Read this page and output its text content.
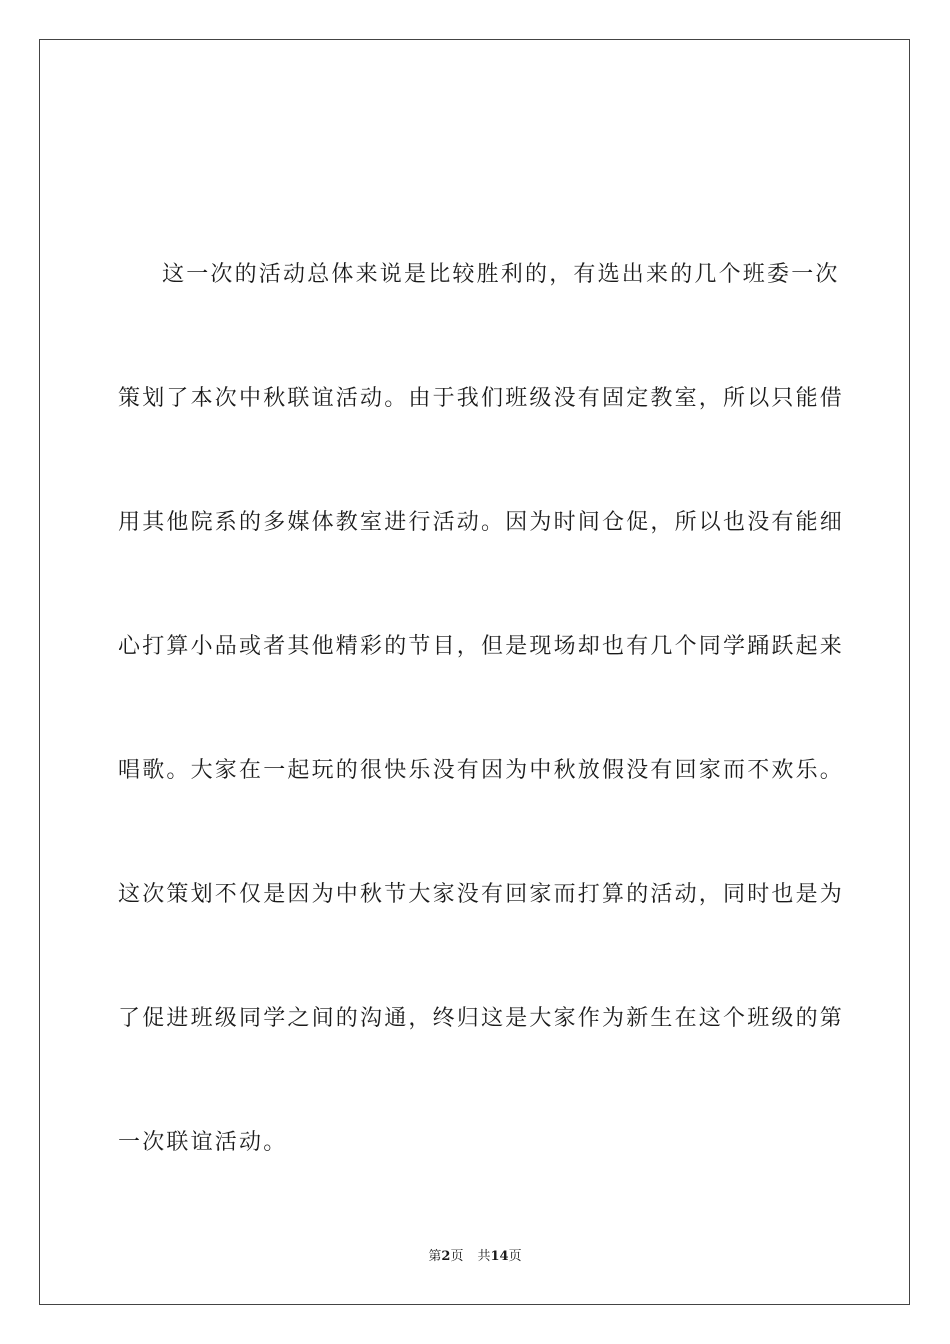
这一次的活动总体来说是比较胜利的，有选出来的几个班委一次
策划了本次中秋联谊活动。由于我们班级没有固定教室，所以只能借
用其他院系的多媒体教室进行活动。因为时间仓促，所以也没有能细
心打算小品或者其他精彩的节目，但是现场却也有几个同学踊跃起来
唱歌。大家在一起玩的很快乐没有因为中秋放假没有回家而不欢乐。
这次策划不仅是因为中秋节大家没有回家而打算的活动，同时也是为
了促进班级同学之间的沟通，终归这是大家作为新生在这个班级的第
一次联谊活动。
第2页 共14页
